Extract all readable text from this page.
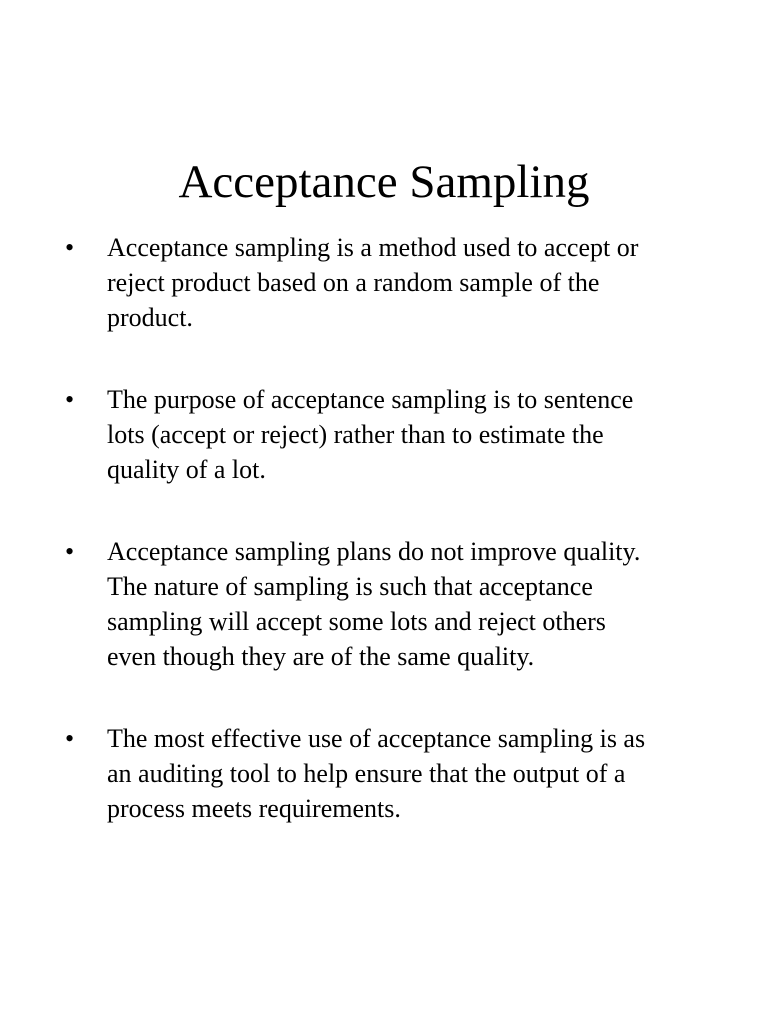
Acceptance Sampling
• Acceptance sampling is a method used to accept or
reject product based on a random sample of the
product.
• The purpose of acceptance sampling is to sentence
lots (accept or reject) rather than to estimate the
quality of a lot.
• Acceptance sampling plans do not improve quality.
The nature of sampling is such that acceptance
sampling will accept some lots and reject others
even though they are of the same quality.
• The most effective use of acceptance sampling is as
an auditing tool to help ensure that the output of a
process meets requirements.
